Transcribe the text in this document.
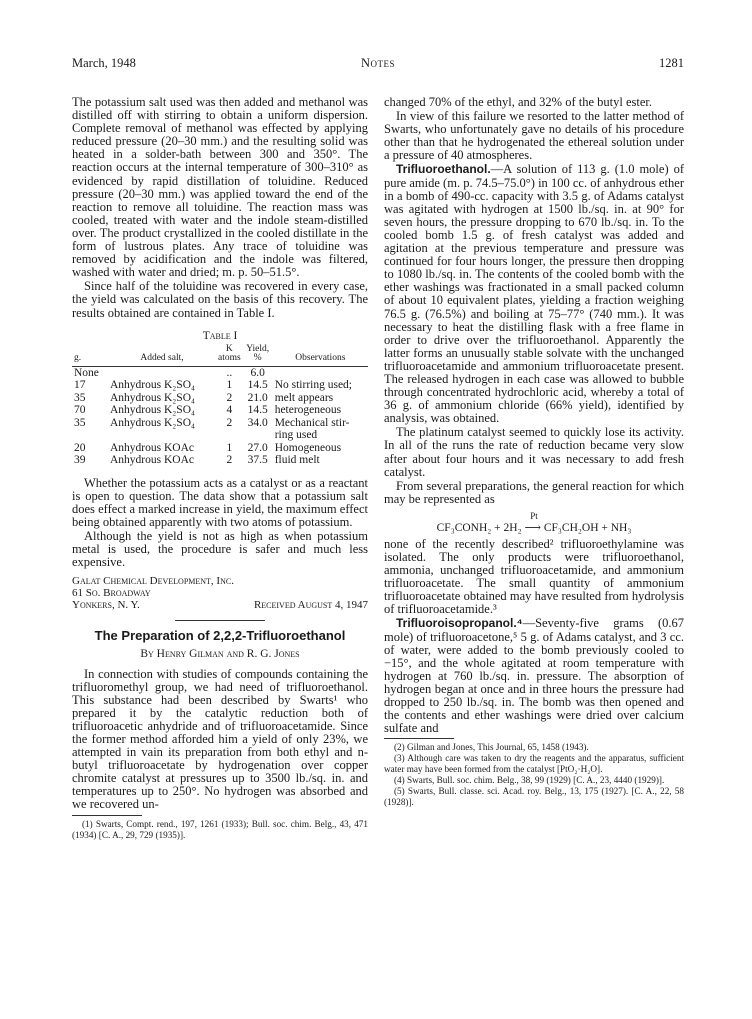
March, 1948	Notes	1281

The potassium salt used was then added and methanol was distilled off with stirring to obtain a uniform dispersion. Complete removal of methanol was effected by applying reduced pressure (20–30 mm.) and the resulting solid was heated in a solder-bath between 300 and 350°. The reaction occurs at the internal temperature of 300–310° as evidenced by rapid distillation of toluidine. Reduced pressure (20–30 mm.) was applied toward the end of the reaction to remove all toluidine. The reaction mass was cooled, treated with water and the indole steam-distilled over. The product crystallized in the cooled distillate in the form of lustrous plates. Any trace of toluidine was removed by acidification and the indole was filtered, washed with water and dried; m. p. 50–51.5°.

Since half of the toluidine was recovered in every case, the yield was calculated on the basis of this recovery. The results obtained are contained in Table I.

Table I
g.	Added salt,	K atoms	Yield, %	Observations
None		..	6.0	
17	Anhydrous K₂SO₄	1	14.5	No stirring used;
35	Anhydrous K₂SO₄	2	21.0	melt appears
70	Anhydrous K₂SO₄	4	14.5	heterogeneous
35	Anhydrous K₂SO₄	2	34.0	Mechanical stir-
				ring used
20	Anhydrous KOAc	1	27.0	Homogeneous
39	Anhydrous KOAc	2	37.5	fluid melt

Whether the potassium acts as a catalyst or as a reactant is open to question. The data show that a potassium salt does effect a marked increase in yield, the maximum effect being obtained apparently with two atoms of potassium.

Although the yield is not as high as when potassium metal is used, the procedure is safer and much less expensive.

Galat Chemical Development, Inc.
61 So. Broadway
Yonkers, N. Y.	Received August 4, 1947
The Preparation of 2,2,2-Trifluoroethanol
By Henry Gilman and R. G. Jones

In connection with studies of compounds containing the trifluoromethyl group, we had need of trifluoroethanol. This substance had been described by Swarts¹ who prepared it by the catalytic reduction both of trifluoroacetic anhydride and of trifluoroacetamide. Since the former method afforded him a yield of only 23%, we attempted in vain its preparation from both ethyl and n-butyl trifluoroacetate by hydrogenation over copper chromite catalyst at pressures up to 3500 lb./sq. in. and temperatures up to 250°. No hydrogen was absorbed and we recovered un-

(1) Swarts, Compt. rend., 197, 1261 (1933); Bull. soc. chim. Belg., 43, 471 (1934) [C. A., 29, 729 (1935)].

changed 70% of the ethyl, and 32% of the butyl ester.

In view of this failure we resorted to the latter method of Swarts, who unfortunately gave no details of his procedure other than that he hydrogenated the ethereal solution under a pressure of 40 atmospheres.

Trifluoroethanol.—A solution of 113 g. (1.0 mole) of pure amide (m. p. 74.5–75.0°) in 100 cc. of anhydrous ether in a bomb of 490-cc. capacity with 3.5 g. of Adams catalyst was agitated with hydrogen at 1500 lb./sq. in. at 90° for seven hours, the pressure dropping to 670 lb./sq. in. To the cooled bomb 1.5 g. of fresh catalyst was added and agitation at the previous temperature and pressure was continued for four hours longer, the pressure then dropping to 1080 lb./sq. in. The contents of the cooled bomb with the ether washings was fractionated in a small packed column of about 10 equivalent plates, yielding a fraction weighing 76.5 g. (76.5%) and boiling at 75–77° (740 mm.). It was necessary to heat the distilling flask with a free flame in order to drive over the trifluoroethanol. Apparently the latter forms an unusually stable solvate with the unchanged trifluoroacetamide and ammonium trifluoroacetate present. The released hydrogen in each case was allowed to bubble through concentrated hydrochloric acid, whereby a total of 36 g. of ammonium chloride (66% yield), identified by analysis, was obtained.

The platinum catalyst seemed to quickly lose its activity. In all of the runs the rate of reduction became very slow after about four hours and it was necessary to add fresh catalyst.

From several preparations, the general reaction for which may be represented as

Pt
CF₃CONH₂ + 2H₂ ⟶ CF₃CH₂OH + NH₃

none of the recently described² trifluoroethylamine was isolated. The only products were trifluoroethanol, ammonia, unchanged trifluoroacetamide, and ammonium trifluoroacetate. The small quantity of ammonium trifluoroacetate obtained may have resulted from hydrolysis of trifluoroacetamide.³

Trifluoroisopropanol.⁴—Seventy-five grams (0.67 mole) of trifluoroacetone,⁵ 5 g. of Adams catalyst, and 3 cc. of water, were added to the bomb previously cooled to −15°, and the whole agitated at room temperature with hydrogen at 760 lb./sq. in. pressure. The absorption of hydrogen began at once and in three hours the pressure had dropped to 250 lb./sq. in. The bomb was then opened and the contents and ether washings were dried over calcium sulfate and

(2) Gilman and Jones, This Journal, 65, 1458 (1943).

(3) Although care was taken to dry the reagents and the apparatus, sufficient water may have been formed from the catalyst [PtO₂·H₂O].

(4) Swarts, Bull. soc. chim. Belg., 38, 99 (1929) [C. A., 23, 4440 (1929)].

(5) Swarts, Bull. classe. sci. Acad. roy. Belg., 13, 175 (1927). [C. A., 22, 58 (1928)].
